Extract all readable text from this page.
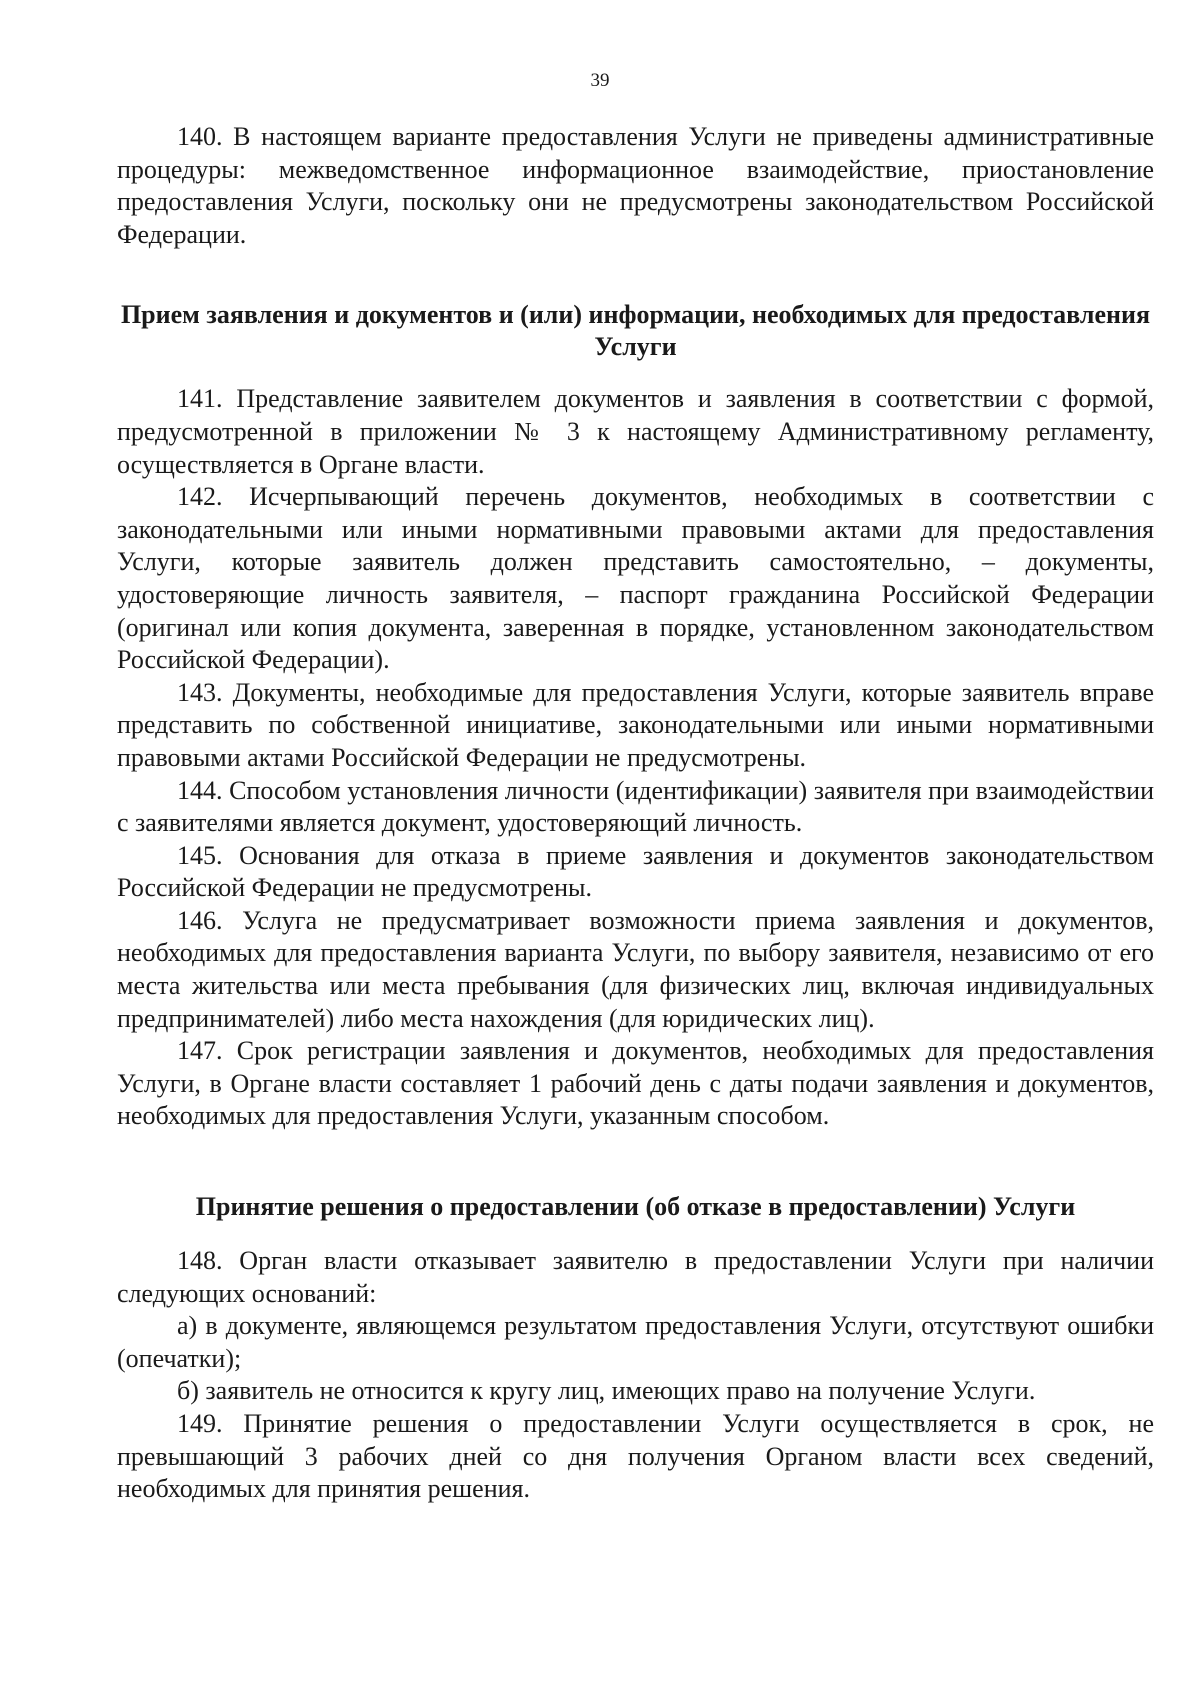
39

140. В настоящем варианте предоставления Услуги не приведены административные процедуры: межведомственное информационное взаимодействие, приостановление предоставления Услуги, поскольку они не предусмотрены законодательством Российской Федерации.

Прием заявления и документов и (или) информации, необходимых для предоставления Услуги

141. Представление заявителем документов и заявления в соответствии с формой, предусмотренной в приложении № 3 к настоящему Административному регламенту, осуществляется в Органе власти.

142. Исчерпывающий перечень документов, необходимых в соответствии с законодательными или иными нормативными правовыми актами для предоставления Услуги, которые заявитель должен представить самостоятельно, – документы, удостоверяющие личность заявителя, – паспорт гражданина Российской Федерации (оригинал или копия документа, заверенная в порядке, установленном законодательством Российской Федерации).

143. Документы, необходимые для предоставления Услуги, которые заявитель вправе представить по собственной инициативе, законодательными или иными нормативными правовыми актами Российской Федерации не предусмотрены.

144. Способом установления личности (идентификации) заявителя при взаимодействии с заявителями является документ, удостоверяющий личность.

145. Основания для отказа в приеме заявления и документов законодательством Российской Федерации не предусмотрены.

146. Услуга не предусматривает возможности приема заявления и документов, необходимых для предоставления варианта Услуги, по выбору заявителя, независимо от его места жительства или места пребывания (для физических лиц, включая индивидуальных предпринимателей) либо места нахождения (для юридических лиц).

147. Срок регистрации заявления и документов, необходимых для предоставления Услуги, в Органе власти составляет 1 рабочий день с даты подачи заявления и документов, необходимых для предоставления Услуги, указанным способом.

Принятие решения о предоставлении (об отказе в предоставлении) Услуги

148. Орган власти отказывает заявителю в предоставлении Услуги при наличии следующих оснований:

а) в документе, являющемся результатом предоставления Услуги, отсутствуют ошибки (опечатки);

б) заявитель не относится к кругу лиц, имеющих право на получение Услуги.

149. Принятие решения о предоставлении Услуги осуществляется в срок, не превышающий 3 рабочих дней со дня получения Органом власти всех сведений, необходимых для принятия решения.
